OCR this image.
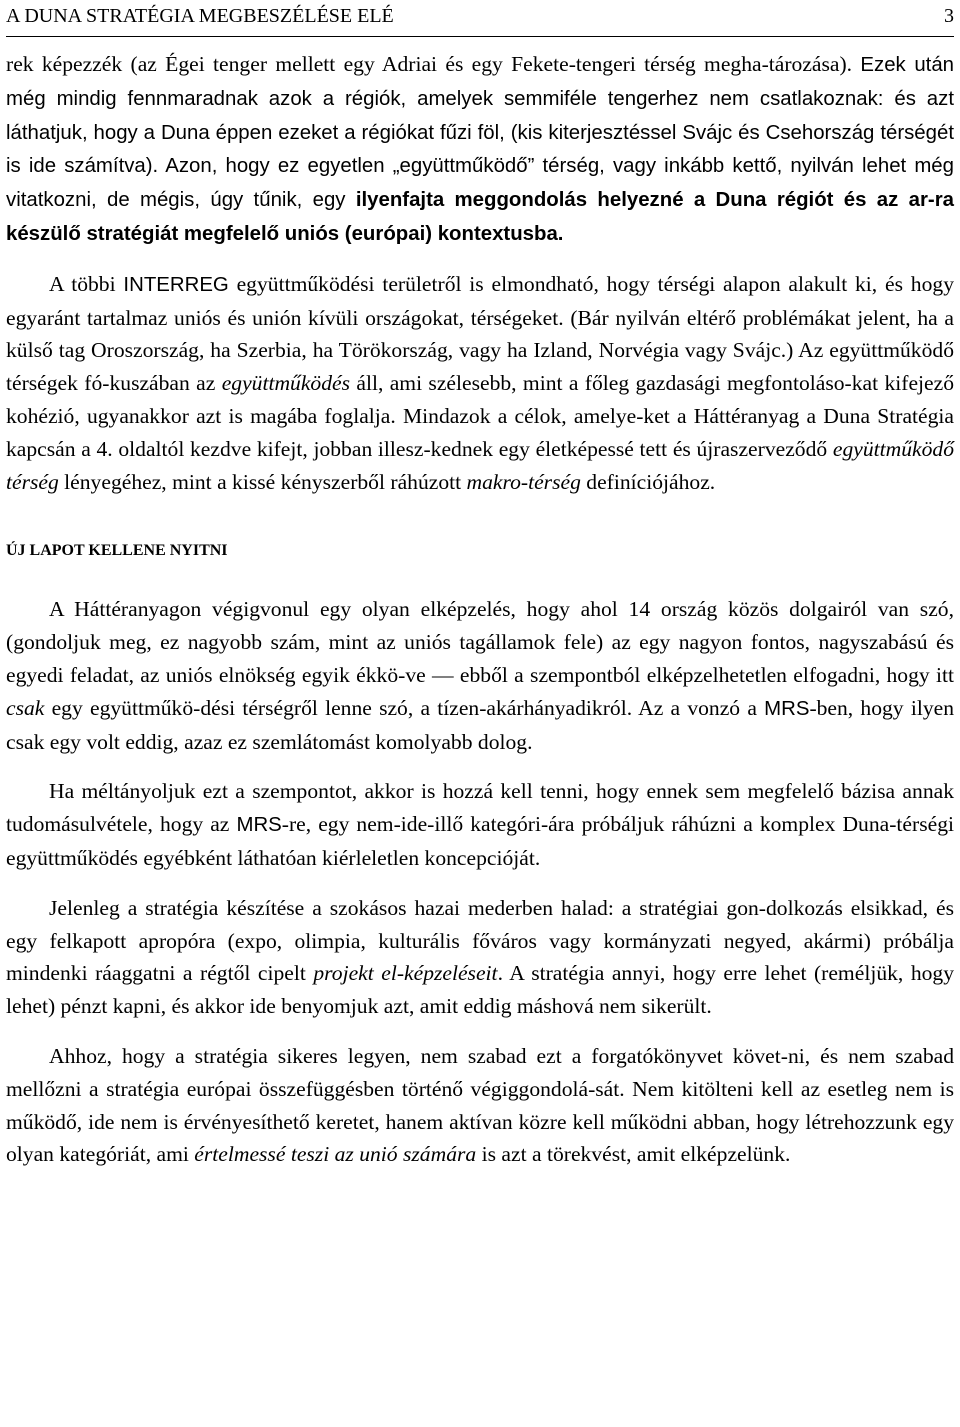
A DUNA STRATÉGIA MEGBESZÉLÉSE ELÉ	3

rek képezzék (az Égei tenger mellett egy Adriai és egy Fekete-tengeri térség megha-tározása). Ezek után még mindig fennmaradnak azok a régiók, amelyek semmiféle tengerhez nem csatlakoznak: és azt láthatjuk, hogy a Duna éppen ezeket a régiókat fűzi föl, (kis kiterjesztéssel Svájc és Csehország térségét is ide számítva). Azon, hogy ez egyetlen „együttműködő” térség, vagy inkább kettő, nyilván lehet még vitatkozni, de mégis, úgy tűnik, egy ilyenfajta meggondolás helyezné a Duna régiót és az ar-ra készülő stratégiát megfelelő uniós (európai) kontextusba.

A többi INTERREG együttműködési területről is elmondható, hogy térségi alapon alakult ki, és hogy egyaránt tartalmaz uniós és unión kívüli országokat, térségeket. (Bár nyilván eltérő problémákat jelent, ha a külső tag Oroszország, ha Szerbia, ha Törökország, vagy ha Izland, Norvégia vagy Svájc.) Az együttműködő térségek fó-kuszában az együttműködés áll, ami szélesebb, mint a főleg gazdasági megfontoláso-kat kifejező kohézió, ugyanakkor azt is magába foglalja. Mindazok a célok, amelye-ket a Háttéranyag a Duna Stratégia kapcsán a 4. oldaltól kezdve kifejt, jobban illesz-kednek egy életképessé tett és újraszerveződő együttműködő térség lényegéhez, mint a kissé kényszerből ráhúzott makro-térség definíciójához.

ÚJ LAPOT KELLENE NYITNI

A Háttéranyagon végigvonul egy olyan elképzelés, hogy ahol 14 ország közös dolgairól van szó, (gondoljuk meg, ez nagyobb szám, mint az uniós tagállamok fele) az egy nagyon fontos, nagyszabású és egyedi feladat, az uniós elnökség egyik ékkö-ve — ebből a szempontból elképzelhetetlen elfogadni, hogy itt csak egy együttműkö-dési térségről lenne szó, a tízen-akárhányadikról. Az a vonzó a MRS-ben, hogy ilyen csak egy volt eddig, azaz ez szemlátomást komolyabb dolog.

Ha méltányoljuk ezt a szempontot, akkor is hozzá kell tenni, hogy ennek sem megfelelő bázisa annak tudomásulvétele, hogy az MRS-re, egy nem-ide-illő kategóri-ára próbáljuk ráhúzni a komplex Duna-térségi együttműködés egyébként láthatóan kiérleletlen koncepcióját.

Jelenleg a stratégia készítése a szokásos hazai mederben halad: a stratégiai gon-dolkozás elsikkad, és egy felkapott apropóra (expo, olimpia, kulturális főváros vagy kormányzati negyed, akármi) próbálja mindenki ráaggatni a régtől cipelt projekt el-képzeléseit. A stratégia annyi, hogy erre lehet (reméljük, hogy lehet) pénzt kapni, és akkor ide benyomjuk azt, amit eddig máshová nem sikerült.

Ahhoz, hogy a stratégia sikeres legyen, nem szabad ezt a forgatókönyvet követ-ni, és nem szabad mellőzni a stratégia európai összefüggésben történő végiggondolá-sát. Nem kitölteni kell az esetleg nem is működő, ide nem is érvényesíthető keretet, hanem aktívan közre kell működni abban, hogy létrehozzunk egy olyan kategóriát, ami értelmessé teszi az unió számára is azt a törekvést, amit elképzelünk.
